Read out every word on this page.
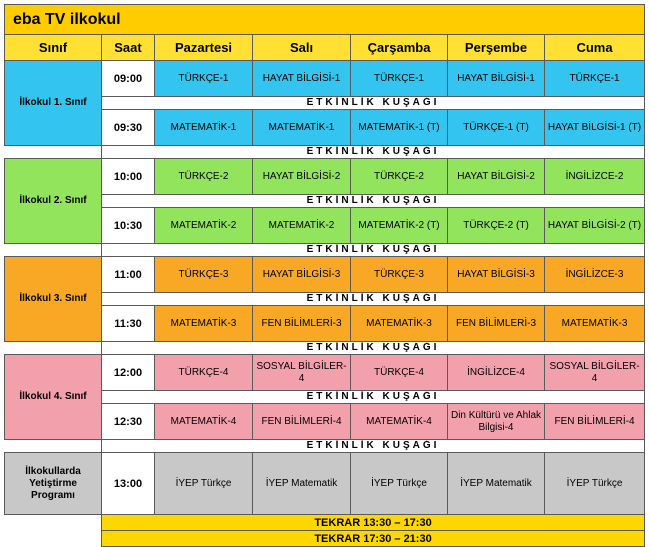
eba TV ilkokul						
Sınıf	Saat	Pazartesi	Salı	Çarşamba	Perşembe	Cuma
İlkokul 1. Sınıf	09:00	TÜRKÇE-1	HAYAT BİLGİSİ-1	TÜRKÇE-1	HAYAT BİLGİSİ-1	TÜRKÇE-1
	ETKİNLİK KUŞAĞI					
	09:30	MATEMATİK-1	MATEMATİK-1	MATEMATİK-1 (T)	TÜRKÇE-1 (T)	HAYAT BİLGİSİ-1 (T)
	ETKİNLİK KUŞAĞI					
İlkokul 2. Sınıf	10:00	TÜRKÇE-2	HAYAT BİLGİSİ-2	TÜRKÇE-2	HAYAT BİLGİSİ-2	İNGİLİZCE-2
	ETKİNLİK KUŞAĞI					
	10:30	MATEMATİK-2	MATEMATİK-2	MATEMATİK-2 (T)	TÜRKÇE-2 (T)	HAYAT BİLGİSİ-2 (T)
	ETKİNLİK KUŞAĞI					
İlkokul 3. Sınıf	11:00	TÜRKÇE-3	HAYAT BİLGİSİ-3	TÜRKÇE-3	HAYAT BİLGİSİ-3	İNGİLİZCE-3
	ETKİNLİK KUŞAĞI					
	11:30	MATEMATİK-3	FEN BİLİMLERİ-3	MATEMATİK-3	FEN BİLİMLERİ-3	MATEMATİK-3
	ETKİNLİK KUŞAĞI					
İlkokul 4. Sınıf	12:00	TÜRKÇE-4	SOSYAL BİLGİLER-4	TÜRKÇE-4	İNGİLİZCE-4	SOSYAL BİLGİLER-4
	ETKİNLİK KUŞAĞI					
	12:30	MATEMATİK-4	FEN BİLİMLERİ-4	MATEMATİK-4	Din Kültürü ve Ahlak Bilgisi-4	FEN BİLİMLERİ-4
	ETKİNLİK KUŞAĞI					
İlkokullarda Yetiştirme Programı	13:00	İYEP Türkçe	İYEP Matematik	İYEP Türkçe	İYEP Matematik	İYEP Türkçe
	TEKRAR 13:30 – 17:30					
	TEKRAR 17:30 – 21:30					
